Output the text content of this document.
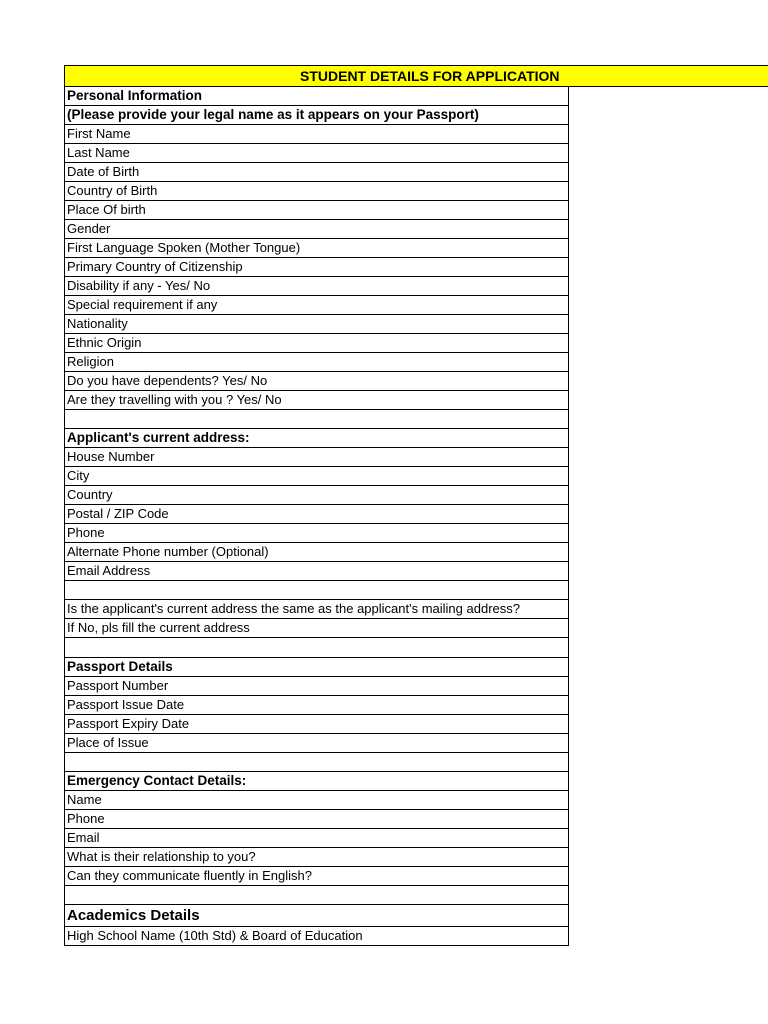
STUDENT DETAILS FOR APPLICATION
Personal Information
(Please provide your legal name as it appears on your Passport)
First Name
Last Name
Date of Birth
Country of Birth
Place Of birth
Gender
First Language Spoken (Mother Tongue)
Primary Country of Citizenship
Disability if any - Yes/ No
Special requirement if any
Nationality
Ethnic Origin
Religion
Do you have dependents? Yes/ No
Are they travelling with you ? Yes/ No
Applicant's current address:
House Number
City
Country
Postal / ZIP Code
Phone
Alternate Phone number (Optional)
Email Address
Is the applicant's current address the same as the applicant's mailing address?
If No, pls fill the current address
Passport Details
Passport Number
Passport Issue Date
Passport Expiry Date
Place of Issue
Emergency Contact Details:
Name
Phone
Email
What is their relationship to you?
Can they communicate fluently in English?
Academics Details
High School Name (10th Std) & Board of Education
